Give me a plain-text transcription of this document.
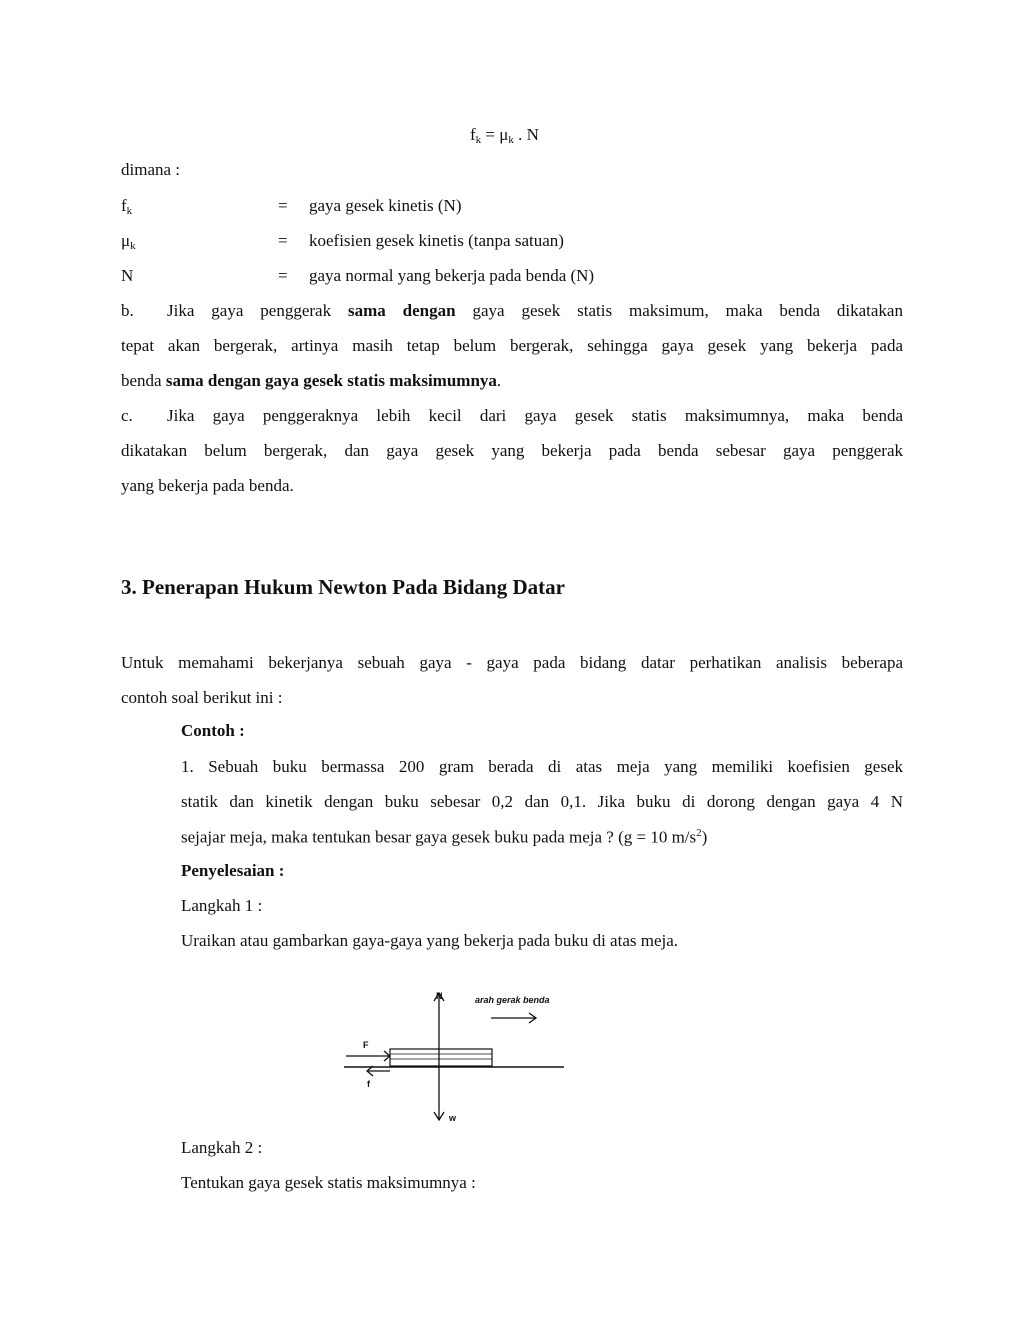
$f_k = \mu_k$ . N
dimana :
$f_k$	= gaya gesek kinetis (N)
$\mu_k$	= koefisien gesek kinetis (tanpa satuan)
N	= gaya normal yang bekerja pada benda (N)
b. Jika gaya penggerak sama dengan gaya gesek statis maksimum, maka benda dikatakan
tepat akan bergerak, artinya masih tetap belum bergerak, sehingga gaya gesek yang bekerja pada
benda sama dengan gaya gesek statis maksimumnya.
c. Jika gaya penggeraknya lebih kecil dari gaya gesek statis maksimumnya, maka benda
dikatakan belum bergerak, dan gaya gesek yang bekerja pada benda sebesar gaya penggerak
yang bekerja pada benda.
3. Penerapan Hukum Newton Pada Bidang Datar
Untuk memahami bekerjanya sebuah gaya - gaya pada bidang datar perhatikan analisis beberapa
contoh soal berikut ini :
Contoh :
1. Sebuah buku bermassa 200 gram berada di atas meja yang memiliki koefisien gesek
statik dan kinetik dengan buku sebesar 0,2 dan 0,1. Jika buku di dorong dengan gaya 4 N
sejajar meja, maka tentukan besar gaya gesek buku pada meja ? (g = 10 $m/s^2$)
Penyelesaian :
Langkah 1 :
Uraikan atau gambarkan gaya-gaya yang bekerja pada buku di atas meja.
N
w
arah gerak benda
F
f
Langkah 2 :
Tentukan gaya gesek statis maksimumnya :
